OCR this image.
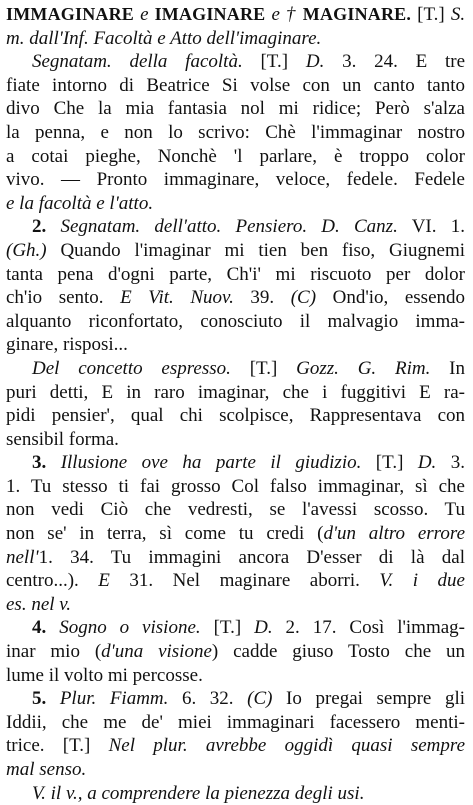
IMMAGINARE e IMAGINARE e † MAGINARE. [T.] S.
m. dall'Inf. Facoltà e Atto dell'imaginare.
Segnatam. della facoltà. [T.] D. 3. 24. E tre
fiate intorno di Beatrice Si volse con un canto tanto
divo Che la mia fantasia nol mi ridice; Però s'alza
la penna, e non lo scrivo: Chè l'immaginar nostro
a cotai pieghe, Nonchè 'l parlare, è troppo color
vivo. — Pronto immaginare, veloce, fedele. Fedele
e la facoltà e l'atto.
2. Segnatam. dell'atto. Pensiero. D. Canz. VI. 1.
(Gh.) Quando l'imaginar mi tien ben fiso, Giugnemi
tanta pena d'ogni parte, Ch'i' mi riscuoto per dolor
ch'io sento. E Vit. Nuov. 39. (C) Ond'io, essendo
alquanto riconfortato, conosciuto il malvagio imma-
ginare, risposi...
Del concetto espresso. [T.] Gozz. G. Rim. In
puri detti, E in raro imaginar, che i fuggitivi E ra-
pidi pensier', qual chi scolpisce, Rappresentava con
sensibil forma.
3. Illusione ove ha parte il giudizio. [T.] D. 3.
1. Tu stesso ti fai grosso Col falso immaginar, sì che
non vedi Ciò che vedresti, se l'avessi scosso. Tu
non se' in terra, sì come tu credi (d'un altro errore
nell'1. 34. Tu immagini ancora D'esser di là dal
centro...). E 31. Nel maginare aborri. V. i due
es. nel v.
4. Sogno o visione. [T.] D. 2. 17. Così l'immag-
inar mio (d'una visione) cadde giuso Tosto che un
lume il volto mi percosse.
5. Plur. Fiamm. 6. 32. (C) Io pregai sempre gli
Iddii, che me de' miei immaginari facessero menti-
trice. [T.] Nel plur. avrebbe oggidì quasi sempre
mal senso.
V. il v., a comprendere la pienezza degli usi.
